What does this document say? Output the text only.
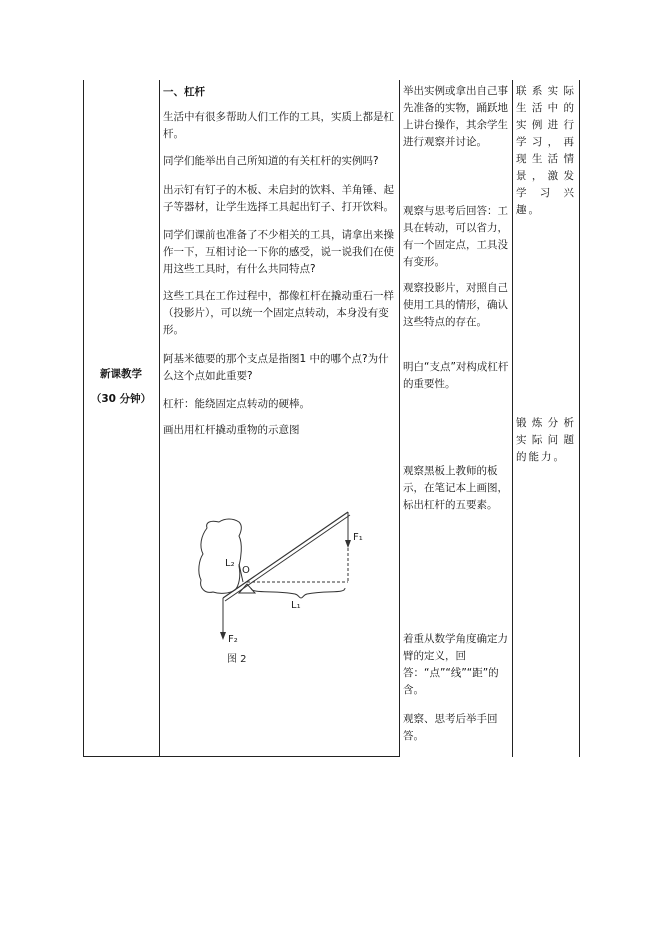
新课教学
（30 分钟）

一、杠杆

生活中有很多帮助人们工作的工具，实质上都是杠杆。

同学们能举出自己所知道的有关杠杆的实例吗?

出示钉有钉子的木板、未启封的饮料、羊角锤、起子等器材，让学生选择工具起出钉子、打开饮料。

同学们课前也准备了不少相关的工具，请拿出来操作一下，互相讨论一下你的感受，说一说我们在使用这些工具时，有什么共同特点?

这些工具在工作过程中，都像杠杆在撬动重石一样（投影片），可以统一个固定点转动，本身没有变形。

阿基米德要的那个支点是指图1 中的哪个点?为什么这个点如此重要?

杠杆：能绕固定点转动的硬棒。

画出用杠杆撬动重物的示意图

F₁
L₂
O
L₁
F₂
图 2

举出实例或拿出自己事先准备的实物，踊跃地上讲台操作，其余学生进行观察并讨论。

观察与思考后回答：工具在转动，可以省力，有一个固定点，工具没有变形。

观察投影片，对照自己使用工具的情形，确认这些特点的存在。

明白“支点”对构成杠杆的重要性。

观察黑板上教师的板示，在笔记本上画图，标出杠杆的五要素。

着重从数学角度确定力臂的定义，回答：“点”“线”“距”的含。

观察、思考后举手回答。

联系实际生活中的实例进行学习，再现生活情景，激发学习兴趣。

锻炼分析实际问题的能力。
